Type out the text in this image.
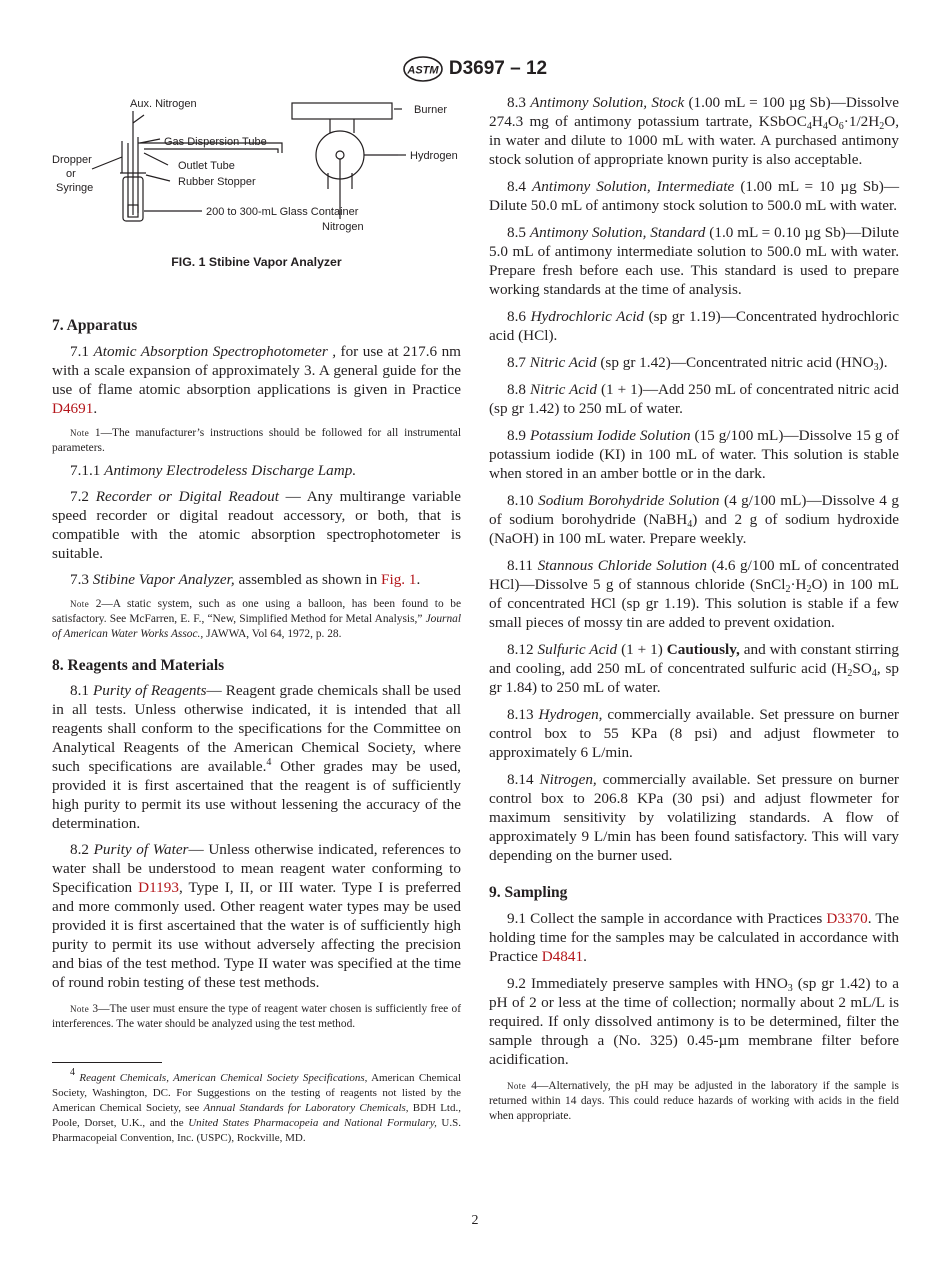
ASTM D3697 – 12
Aux. Nitrogen
Gas Dispersion Tube
Outlet Tube
Rubber Stopper
Dropper
or
Syringe
200 to 300-mL Glass Container
Burner
Hydrogen
Nitrogen

FIG. 1 Stibine Vapor Analyzer

7. Apparatus

7.1 Atomic Absorption Spectrophotometer , for use at 217.6 nm with a scale expansion of approximately 3. A general guide for the use of flame atomic absorption applications is given in Practice D4691.

Note 1—The manufacturer’s instructions should be followed for all instrumental parameters.

7.1.1 Antimony Electrodeless Discharge Lamp.

7.2 Recorder or Digital Readout — Any multirange variable speed recorder or digital readout accessory, or both, that is compatible with the atomic absorption spectrophotometer is suitable.

7.3 Stibine Vapor Analyzer, assembled as shown in Fig. 1.

Note 2—A static system, such as one using a balloon, has been found to be satisfactory. See McFarren, E. F., “New, Simplified Method for Metal Analysis,” Journal of American Water Works Assoc., JAWWA, Vol 64, 1972, p. 28.

8. Reagents and Materials

8.1 Purity of Reagents— Reagent grade chemicals shall be used in all tests. Unless otherwise indicated, it is intended that all reagents shall conform to the specifications for the Committee on Analytical Reagents of the American Chemical Society, where such specifications are available.$^4$ Other grades may be used, provided it is first ascertained that the reagent is of sufficiently high purity to permit its use without lessening the accuracy of the determination.

8.2 Purity of Water— Unless otherwise indicated, references to water shall be understood to mean reagent water conforming to Specification D1193, Type I, II, or III water. Type I is preferred and more commonly used. Other reagent water types may be used provided it is first ascertained that the water is of sufficiently high purity to permit its use without adversely affecting the precision and bias of the test method. Type II water was specified at the time of round robin testing of these test methods.

Note 3—The user must ensure the type of reagent water chosen is sufficiently free of interferences. The water should be analyzed using the test method.

$^4$ Reagent Chemicals, American Chemical Society Specifications, American Chemical Society, Washington, DC. For Suggestions on the testing of reagents not listed by the American Chemical Society, see Annual Standards for Laboratory Chemicals, BDH Ltd., Poole, Dorset, U.K., and the United States Pharmacopeia and National Formulary, U.S. Pharmacopeial Convention, Inc. (USPC), Rockville, MD.

8.3 Antimony Solution, Stock (1.00 mL = 100 µg Sb)—Dissolve 274.3 mg of antimony potassium tartrate, $KSbOC_4H_4O_6\cdot 1/2H_2O$, in water and dilute to 1000 mL with water. A purchased antimony stock solution of appropriate known purity is also acceptable.

8.4 Antimony Solution, Intermediate (1.00 mL = 10 µg Sb)—Dilute 50.0 mL of antimony stock solution to 500.0 mL with water.

8.5 Antimony Solution, Standard (1.0 mL = 0.10 µg Sb)—Dilute 5.0 mL of antimony intermediate solution to 500.0 mL with water. Prepare fresh before each use. This standard is used to prepare working standards at the time of analysis.

8.6 Hydrochloric Acid (sp gr 1.19)—Concentrated hydrochloric acid (HCl).

8.7 Nitric Acid (sp gr 1.42)—Concentrated nitric acid $(HNO_3)$.

8.8 Nitric Acid (1 + 1)—Add 250 mL of concentrated nitric acid (sp gr 1.42) to 250 mL of water.

8.9 Potassium Iodide Solution (15 g/100 mL)—Dissolve 15 g of potassium iodide (KI) in 100 mL of water. This solution is stable when stored in an amber bottle or in the dark.

8.10 Sodium Borohydride Solution (4 g/100 mL)—Dissolve 4 g of sodium borohydride (NaBH$_4$) and 2 g of sodium hydroxide (NaOH) in 100 mL water. Prepare weekly.

8.11 Stannous Chloride Solution (4.6 g/100 mL of concentrated HCl)—Dissolve 5 g of stannous chloride $(SnCl_2\cdot H_2O)$ in 100 mL of concentrated HCl (sp gr 1.19). This solution is stable if a few small pieces of mossy tin are added to prevent oxidation.

8.12 Sulfuric Acid (1 + 1) Cautiously, and with constant stirring and cooling, add 250 mL of concentrated sulfuric acid ($H_2SO_4$, sp gr 1.84) to 250 mL of water.

8.13 Hydrogen, commercially available. Set pressure on burner control box to 55 KPa (8 psi) and adjust flowmeter to approximately 6 L/min.

8.14 Nitrogen, commercially available. Set pressure on burner control box to 206.8 KPa (30 psi) and adjust flowmeter for maximum sensitivity by volatilizing standards. A flow of approximately 9 L/min has been found satisfactory. This will vary depending on the burner used.

9. Sampling

9.1 Collect the sample in accordance with Practices D3370. The holding time for the samples may be calculated in accordance with Practice D4841.

9.2 Immediately preserve samples with $HNO_3$ (sp gr 1.42) to a pH of 2 or less at the time of collection; normally about 2 mL/L is required. If only dissolved antimony is to be determined, filter the sample through a (No. 325) 0.45-µm membrane filter before acidification.

Note 4—Alternatively, the pH may be adjusted in the laboratory if the sample is returned within 14 days. This could reduce hazards of working with acids in the field when appropriate.

2
